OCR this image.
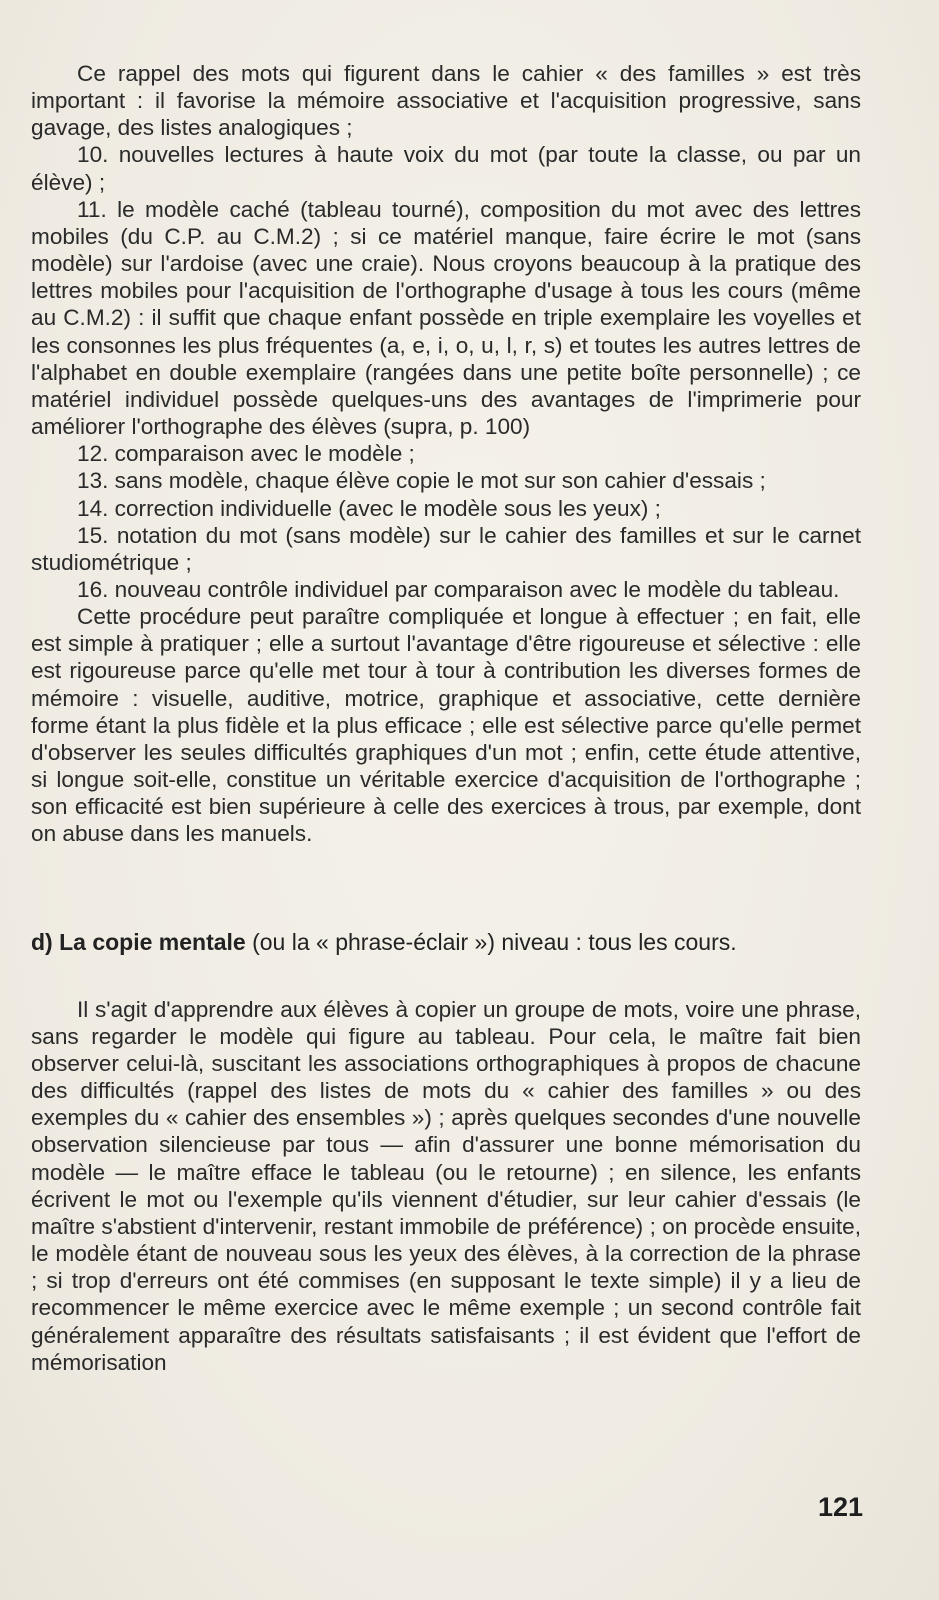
Ce rappel des mots qui figurent dans le cahier « des familles » est très important : il favorise la mémoire associative et l'acquisition progressive, sans gavage, des listes analogiques ;

10. nouvelles lectures à haute voix du mot (par toute la classe, ou par un élève) ;

11. le modèle caché (tableau tourné), composition du mot avec des lettres mobiles (du C.P. au C.M.2) ; si ce matériel manque, faire écrire le mot (sans modèle) sur l'ardoise (avec une craie). Nous croyons beaucoup à la pratique des lettres mobiles pour l'acquisition de l'orthographe d'usage à tous les cours (même au C.M.2) : il suffit que chaque enfant possède en triple exemplaire les voyelles et les consonnes les plus fréquentes (a, e, i, o, u, l, r, s) et toutes les autres lettres de l'alphabet en double exemplaire (rangées dans une petite boîte personnelle) ; ce matériel individuel possède quelques-uns des avantages de l'imprimerie pour améliorer l'orthographe des élèves (supra, p. 100)

12. comparaison avec le modèle ;

13. sans modèle, chaque élève copie le mot sur son cahier d'essais ;

14. correction individuelle (avec le modèle sous les yeux) ;

15. notation du mot (sans modèle) sur le cahier des familles et sur le carnet studiométrique ;

16. nouveau contrôle individuel par comparaison avec le modèle du tableau.

Cette procédure peut paraître compliquée et longue à effectuer ; en fait, elle est simple à pratiquer ; elle a surtout l'avantage d'être rigoureuse et sélective : elle est rigoureuse parce qu'elle met tour à tour à contribution les diverses formes de mémoire : visuelle, auditive, motrice, graphique et associative, cette dernière forme étant la plus fidèle et la plus efficace ; elle est sélective parce qu'elle permet d'observer les seules difficultés graphiques d'un mot ; enfin, cette étude attentive, si longue soit-elle, constitue un véritable exercice d'acquisition de l'orthographe ; son efficacité est bien supérieure à celle des exercices à trous, par exemple, dont on abuse dans les manuels.

d) La copie mentale (ou la « phrase-éclair ») niveau : tous les cours.

Il s'agit d'apprendre aux élèves à copier un groupe de mots, voire une phrase, sans regarder le modèle qui figure au tableau. Pour cela, le maître fait bien observer celui-là, suscitant les associations orthographiques à propos de chacune des difficultés (rappel des listes de mots du « cahier des familles » ou des exemples du « cahier des ensembles ») ; après quelques secondes d'une nouvelle observation silencieuse par tous — afin d'assurer une bonne mémorisation du modèle — le maître efface le tableau (ou le retourne) ; en silence, les enfants écrivent le mot ou l'exemple qu'ils viennent d'étudier, sur leur cahier d'essais (le maître s'abstient d'intervenir, restant immobile de préférence) ; on procède ensuite, le modèle étant de nouveau sous les yeux des élèves, à la correction de la phrase ; si trop d'erreurs ont été commises (en supposant le texte simple) il y a lieu de recommencer le même exercice avec le même exemple ; un second contrôle fait généralement apparaître des résultats satisfaisants ; il est évident que l'effort de mémorisation

121
